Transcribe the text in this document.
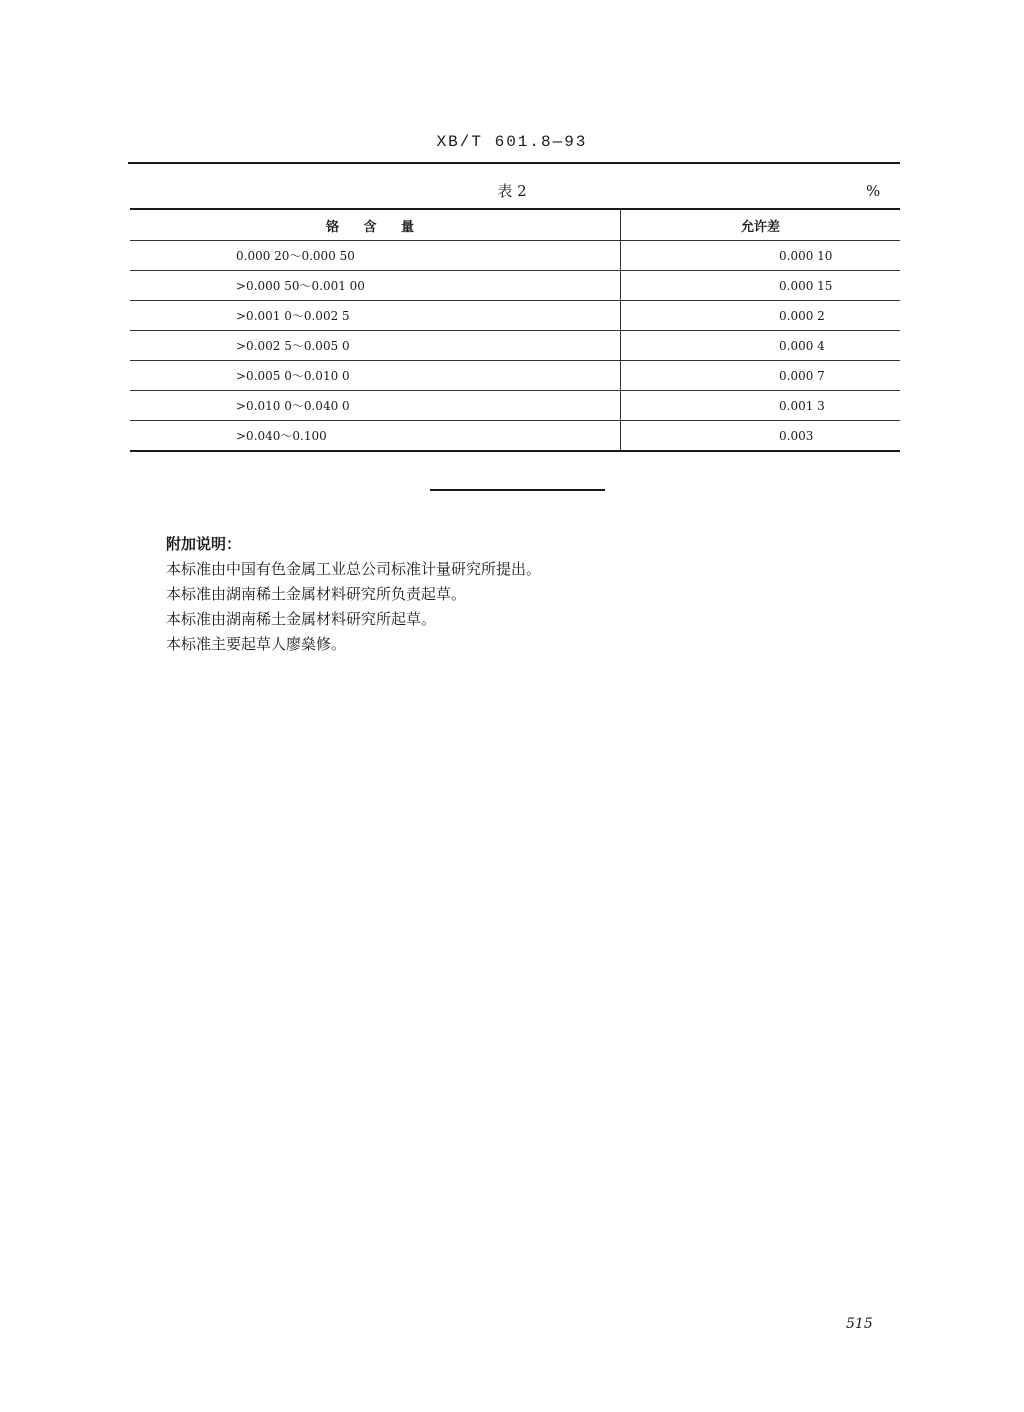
XB/T 601.8—93
表 2	%
铬 含 量	允许差
0.000 20～0.000 50	0.000 10
>0.000 50～0.001 00	0.000 15
>0.001 0～0.002 5	0.000 2
>0.002 5～0.005 0	0.000 4
>0.005 0～0.010 0	0.000 7
>0.010 0～0.040 0	0.001 3
>0.040～0.100	0.003
附加说明：
本标准由中国有色金属工业总公司标准计量研究所提出。
本标准由湖南稀土金属材料研究所负责起草。
本标准由湖南稀土金属材料研究所起草。
本标准主要起草人廖燊修。
515
